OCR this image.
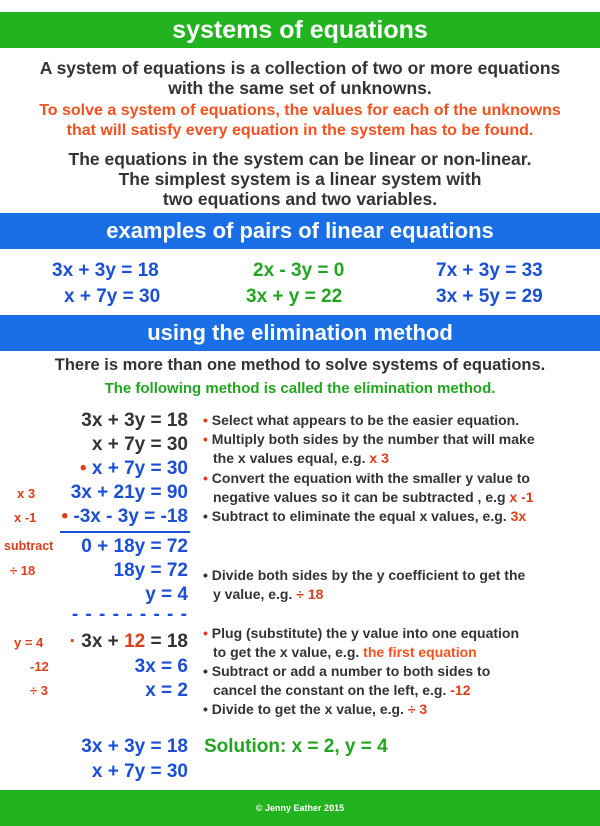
systems of equations
A system of equations is a collection of two or more equations
with the same set of unknowns.
To solve a system of equations, the values for each of the unknowns
that will satisfy every equation in the system has to be found.
The equations in the system can be linear or non-linear.
The simplest system is a linear system with
two equations and two variables.
examples of pairs of linear equations
3x + 3y = 18
x + 7y = 30
2x - 3y = 0
3x + y = 22
7x + 3y = 33
3x + 5y = 29
using the elimination method
There is more than one method to solve systems of equations.
The following method is called the elimination method.
3x + 3y = 18
x + 7y = 30
• x + 7y = 30
3x + 21y = 90
• -3x - 3y = -18
0 + 18y = 72
18y = 72
y = 4
- - - - - - - - -
· 3x + 12 = 18
3x = 6
x = 2
x 3
x -1
subtract
÷ 18
y = 4
-12
÷ 3
• Select what appears to be the easier equation.
• Multiply both sides by the number that will make
the x values equal, e.g. x 3
• Convert the equation with the smaller y value to
negative values so it can be subtracted , e.g x -1
• Subtract to eliminate the equal x values, e.g. 3x
• Divide both sides by the y coefficient to get the
y value, e.g. ÷ 18
• Plug (substitute) the y value into one equation
to get the x value, e.g. the first equation
• Subtract or add a number to both sides to
cancel the constant on the left, e.g. -12
• Divide to get the x value, e.g. ÷ 3
3x + 3y = 18
x + 7y = 30
Solution: x = 2, y = 4
© Jenny Eather 2015
